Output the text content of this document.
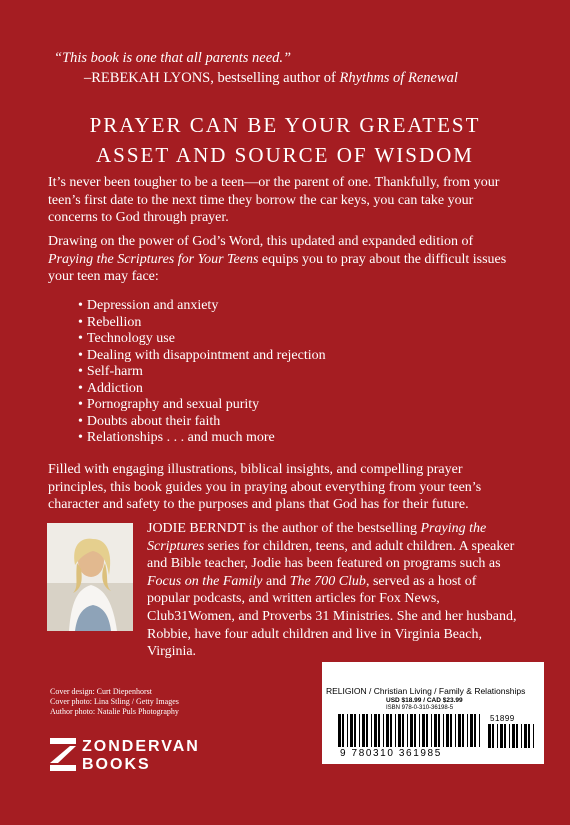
“This book is one that all parents need.”
–REBEKAH LYONS, bestselling author of Rhythms of Renewal
PRAYER CAN BE YOUR GREATEST
ASSET AND SOURCE OF WISDOM
It’s never been tougher to be a teen—or the parent of one. Thankfully, from your teen’s first date to the next time they borrow the car keys, you can take your concerns to God through prayer.
Drawing on the power of God’s Word, this updated and expanded edition of Praying the Scriptures for Your Teens equips you to pray about the difficult issues your teen may face:
• Depression and anxiety
• Rebellion
• Technology use
• Dealing with disappointment and rejection
• Self-harm
• Addiction
• Pornography and sexual purity
• Doubts about their faith
• Relationships . . . and much more
Filled with engaging illustrations, biblical insights, and compelling prayer principles, this book guides you in praying about everything from your teen’s character and safety to the purposes and plans that God has for their future.
JODIE BERNDT is the author of the bestselling Praying the Scriptures series for children, teens, and adult children. A speaker and Bible teacher, Jodie has been featured on programs such as Focus on the Family and The 700 Club, served as a host of popular podcasts, and written articles for Fox News, Club31Women, and Proverbs 31 Ministries. She and her husband, Robbie, have four adult children and live in Virginia Beach, Virginia.
Cover design: Curt Diepenhorst
Cover photo: Lina Stling / Getty Images
Author photo: Natalie Puls Photography
ZONDERVAN
BOOKS
RELIGION / Christian Living / Family & Relationships
USD $18.99 / CAD $23.99
ISBN 978-0-310-36198-5
51899
9 780310 361985
